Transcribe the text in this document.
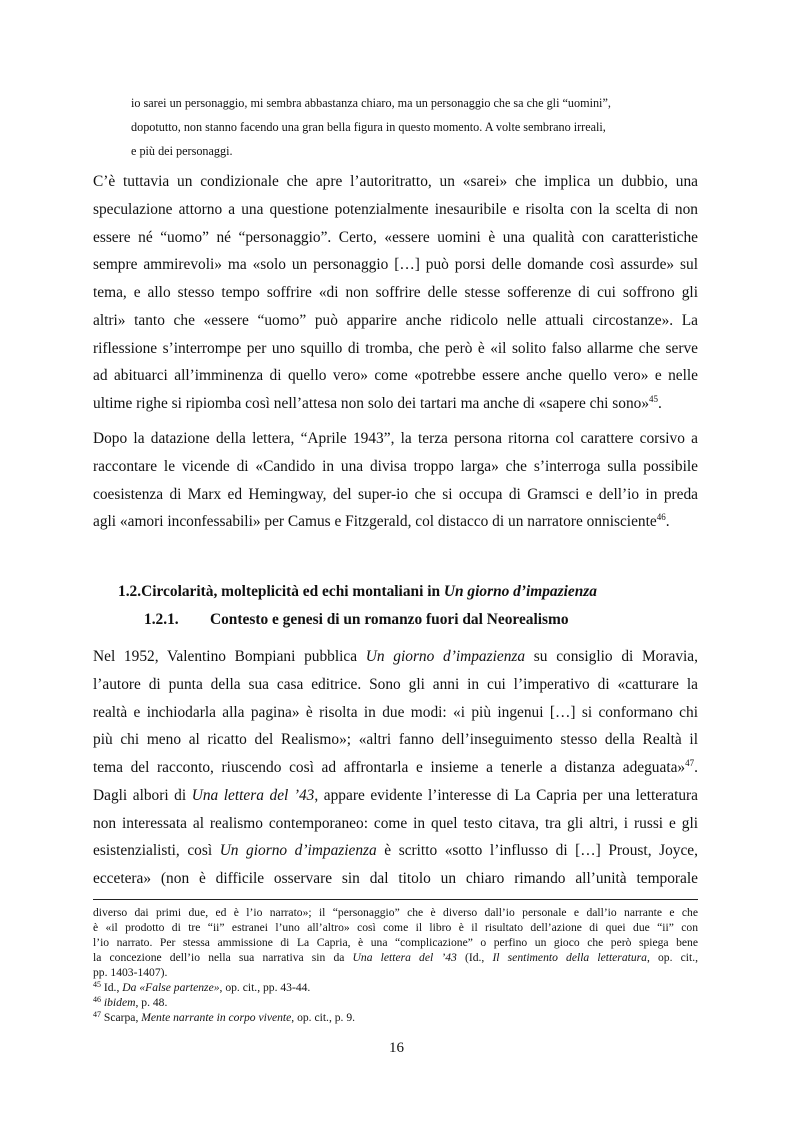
io sarei un personaggio, mi sembra abbastanza chiaro, ma un personaggio che sa che gli “uomini”,
dopotutto, non stanno facendo una gran bella figura in questo momento. A volte sembrano irreali,
e più dei personaggi.
C’è tuttavia un condizionale che apre l’autoritratto, un «sarei» che implica un dubbio, una
speculazione attorno a una questione potenzialmente inesauribile e risolta con la scelta di non
essere né “uomo” né “personaggio”. Certo, «essere uomini è una qualità con caratteristiche
sempre ammirevoli» ma «solo un personaggio […] può porsi delle domande così assurde» sul
tema, e allo stesso tempo soffrire «di non soffrire delle stesse sofferenze di cui soffrono gli
altri» tanto che «essere “uomo” può apparire anche ridicolo nelle attuali circostanze». La
riflessione s’interrompe per uno squillo di tromba, che però è «il solito falso allarme che serve
ad abituarci all’imminenza di quello vero» come «potrebbe essere anche quello vero» e nelle
ultime righe si ripiomba così nell’attesa non solo dei tartari ma anche di «sapere chi sono»$^{45}$.
Dopo la datazione della lettera, “Aprile 1943”, la terza persona ritorna col carattere corsivo a
raccontare le vicende di «Candido in una divisa troppo larga» che s’interroga sulla possibile
coesistenza di Marx ed Hemingway, del super-io che si occupa di Gramsci e dell’io in preda
agli «amori inconfessabili» per Camus e Fitzgerald, col distacco di un narratore onnisciente$^{46}$.
1.2.Circolarità, molteplicità ed echi montaliani in Un giorno d’impazienza
1.2.1. Contesto e genesi di un romanzo fuori dal Neorealismo
Nel 1952, Valentino Bompiani pubblica Un giorno d’impazienza su consiglio di Moravia,
l’autore di punta della sua casa editrice. Sono gli anni in cui l’imperativo di «catturare la
realtà e inchiodarla alla pagina» è risolta in due modi: «i più ingenui […] si conformano chi
più chi meno al ricatto del Realismo»; «altri fanno dell’inseguimento stesso della Realtà il
tema del racconto, riuscendo così ad affrontarla e insieme a tenerle a distanza adeguata»$^{47}$.
Dagli albori di Una lettera del ’43, appare evidente l’interesse di La Capria per una letteratura
non interessata al realismo contemporaneo: come in quel testo citava, tra gli altri, i russi e gli
esistenzialisti, così Un giorno d’impazienza è scritto «sotto l’influsso di […] Proust, Joyce,
eccetera» (non è difficile osservare sin dal titolo un chiaro rimando all’unità temporale
diverso dai primi due, ed è l’io narrato»; il “personaggio” che è diverso dall’io personale e dall’io narrante e che
è «il prodotto di tre “ii” estranei l’uno all’altro» così come il libro è il risultato dell’azione di quei due “ii” con
l’io narrato. Per stessa ammissione di La Capria, è una “complicazione” o perfino un gioco che però spiega bene
la concezione dell’io nella sua narrativa sin da Una lettera del ’43 (Id., Il sentimento della letteratura, op. cit.,
pp. 1403-1407).
$^{45}$ Id., Da «False partenze», op. cit., pp. 43-44.
$^{46}$ ibidem, p. 48.
$^{47}$ Scarpa, Mente narrante in corpo vivente, op. cit., p. 9.
16
